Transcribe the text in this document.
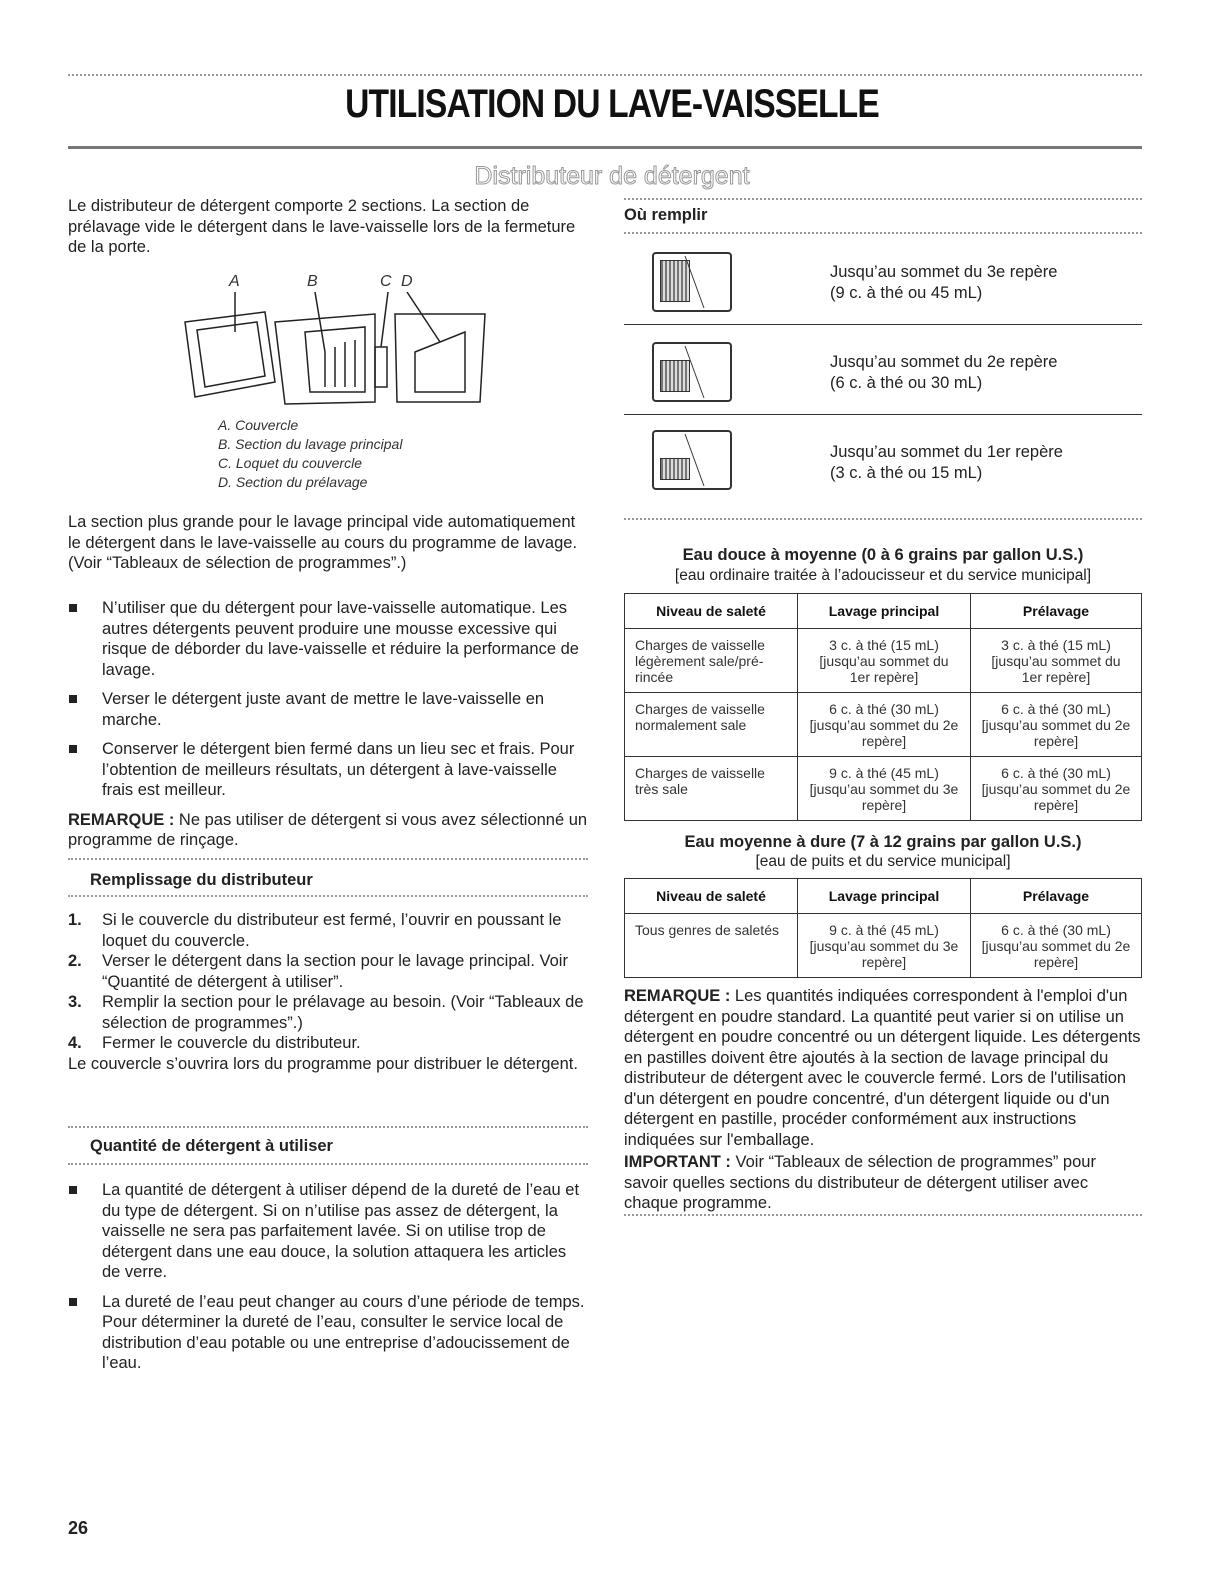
UTILISATION DU LAVE-VAISSELLE
Distributeur de détergent
Le distributeur de détergent comporte 2 sections. La section de prélavage vide le détergent dans le lave-vaisselle lors de la fermeture de la porte.
A	B	C D
A. Couvercle
B. Section du lavage principal
C. Loquet du couvercle
D. Section du prélavage
La section plus grande pour le lavage principal vide automatiquement le détergent dans le lave-vaisselle au cours du programme de lavage. (Voir “Tableaux de sélection de programmes”.)
N’utiliser que du détergent pour lave-vaisselle automatique. Les autres détergents peuvent produire une mousse excessive qui risque de déborder du lave-vaisselle et réduire la performance de lavage.
Verser le détergent juste avant de mettre le lave-vaisselle en marche.
Conserver le détergent bien fermé dans un lieu sec et frais. Pour l’obtention de meilleurs résultats, un détergent à lave-vaisselle frais est meilleur.
REMARQUE : Ne pas utiliser de détergent si vous avez sélectionné un programme de rinçage.
Remplissage du distributeur
1. Si le couvercle du distributeur est fermé, l’ouvrir en poussant le loquet du couvercle.
2. Verser le détergent dans la section pour le lavage principal. Voir “Quantité de détergent à utiliser”.
3. Remplir la section pour le prélavage au besoin. (Voir “Tableaux de sélection de programmes”.)
4. Fermer le couvercle du distributeur.
Le couvercle s’ouvrira lors du programme pour distribuer le détergent.
Quantité de détergent à utiliser
La quantité de détergent à utiliser dépend de la dureté de l’eau et du type de détergent. Si on n’utilise pas assez de détergent, la vaisselle ne sera pas parfaitement lavée. Si on utilise trop de détergent dans une eau douce, la solution attaquera les articles de verre.
La dureté de l’eau peut changer au cours d’une période de temps. Pour déterminer la dureté de l’eau, consulter le service local de distribution d’eau potable ou une entreprise d’adoucissement de l’eau.
26
Où remplir
Jusqu’au sommet du 3e repère
(9 c. à thé ou 45 mL)
Jusqu’au sommet du 2e repère
(6 c. à thé ou 30 mL)
Jusqu’au sommet du 1er repère
(3 c. à thé ou 15 mL)
Eau douce à moyenne (0 à 6 grains par gallon U.S.)
[eau ordinaire traitée à l’adoucisseur et du service municipal]
Niveau de saleté	Lavage principal	Prélavage
Charges de vaisselle légèrement sale/pré-rincée	3 c. à thé (15 mL) [jusqu’au sommet du 1er repère]	3 c. à thé (15 mL) [jusqu’au sommet du 1er repère]
Charges de vaisselle normalement sale	6 c. à thé (30 mL) [jusqu’au sommet du 2e repère]	6 c. à thé (30 mL) [jusqu’au sommet du 2e repère]
Charges de vaisselle très sale	9 c. à thé (45 mL) [jusqu’au sommet du 3e repère]	6 c. à thé (30 mL) [jusqu’au sommet du 2e repère]
Eau moyenne à dure (7 à 12 grains par gallon U.S.)
[eau de puits et du service municipal]
Niveau de saleté	Lavage principal	Prélavage
Tous genres de saletés	9 c. à thé (45 mL) [jusqu’au sommet du 3e repère]	6 c. à thé (30 mL) [jusqu’au sommet du 2e repère]
REMARQUE : Les quantités indiquées correspondent à l'emploi d'un détergent en poudre standard. La quantité peut varier si on utilise un détergent en poudre concentré ou un détergent liquide. Les détergents en pastilles doivent être ajoutés à la section de lavage principal du distributeur de détergent avec le couvercle fermé. Lors de l'utilisation d'un détergent en poudre concentré, d'un détergent liquide ou d'un détergent en pastille, procéder conformément aux instructions indiquées sur l'emballage.
IMPORTANT : Voir “Tableaux de sélection de programmes” pour savoir quelles sections du distributeur de détergent utiliser avec chaque programme.
